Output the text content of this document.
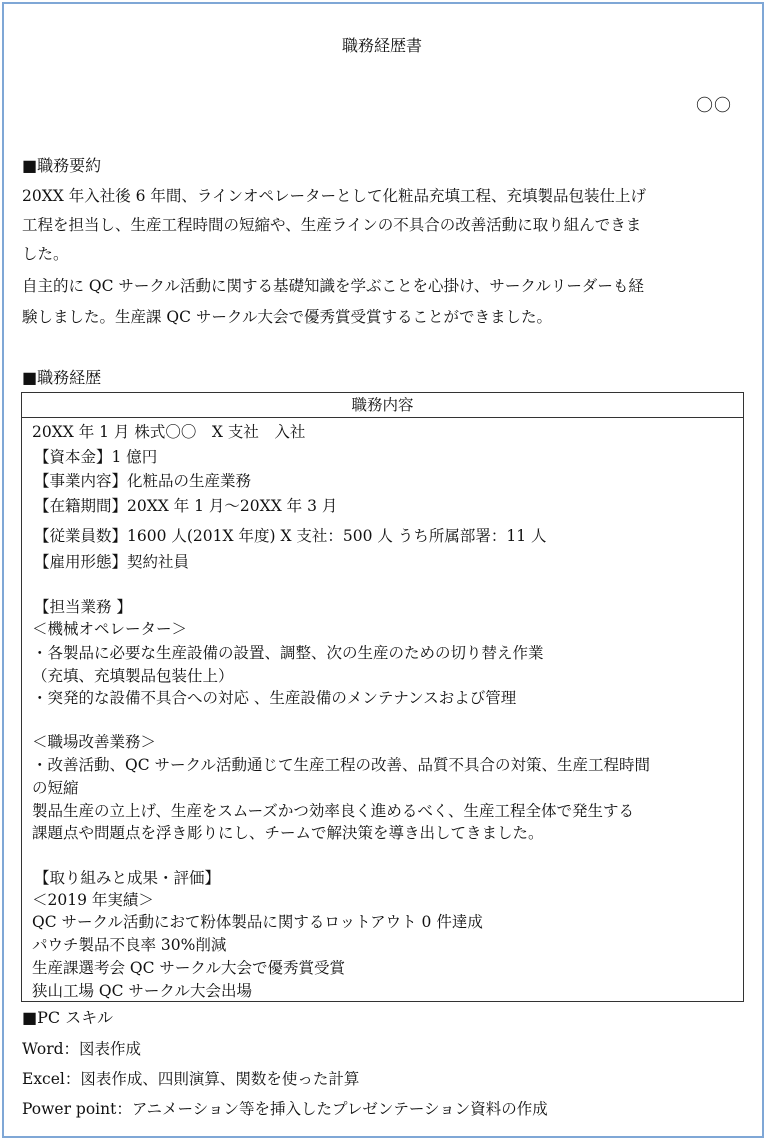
職務経歴書
〇〇
■職務要約
20XX 年入社後 6 年間、ラインオペレーターとして化粧品充填工程、充填製品包装仕上げ
工程を担当し、生産工程時間の短縮や、生産ラインの不具合の改善活動に取り組んできま
した。
自主的に QC サークル活動に関する基礎知識を学ぶことを心掛け、サークルリーダーも経
験しました。生産課 QC サークル大会で優秀賞受賞することができました。
■職務経歴
職務内容
20XX 年 1 月 株式〇〇　X 支社　入社
【資本金】1 億円
【事業内容】化粧品の生産業務
【在籍期間】20XX 年 1 月〜20XX 年 3 月
【従業員数】1600 人(201X 年度) X 支社：500 人 うち所属部署：11 人
【雇用形態】契約社員
【担当業務 】
＜機械オペレーター＞
・各製品に必要な生産設備の設置、調整、次の生産のための切り替え作業
（充填、充填製品包装仕上）
・突発的な設備不具合への対応 、生産設備のメンテナンスおよび管理
＜職場改善業務＞
・改善活動、QC サークル活動通じて生産工程の改善、品質不具合の対策、生産工程時間
の短縮
製品生産の立上げ、生産をスムーズかつ効率良く進めるべく、生産工程全体で発生する
課題点や問題点を浮き彫りにし、チームで解決策を導き出してきました。
【取り組みと成果・評価】
＜2019 年実績＞
QC サークル活動におて粉体製品に関するロットアウト 0 件達成
パウチ製品不良率 30%削減
生産課選考会 QC サークル大会で優秀賞受賞
狭山工場 QC サークル大会出場
■PC スキル
Word：図表作成
Excel：図表作成、四則演算、関数を使った計算
Power point：アニメーション等を挿入したプレゼンテーション資料の作成
